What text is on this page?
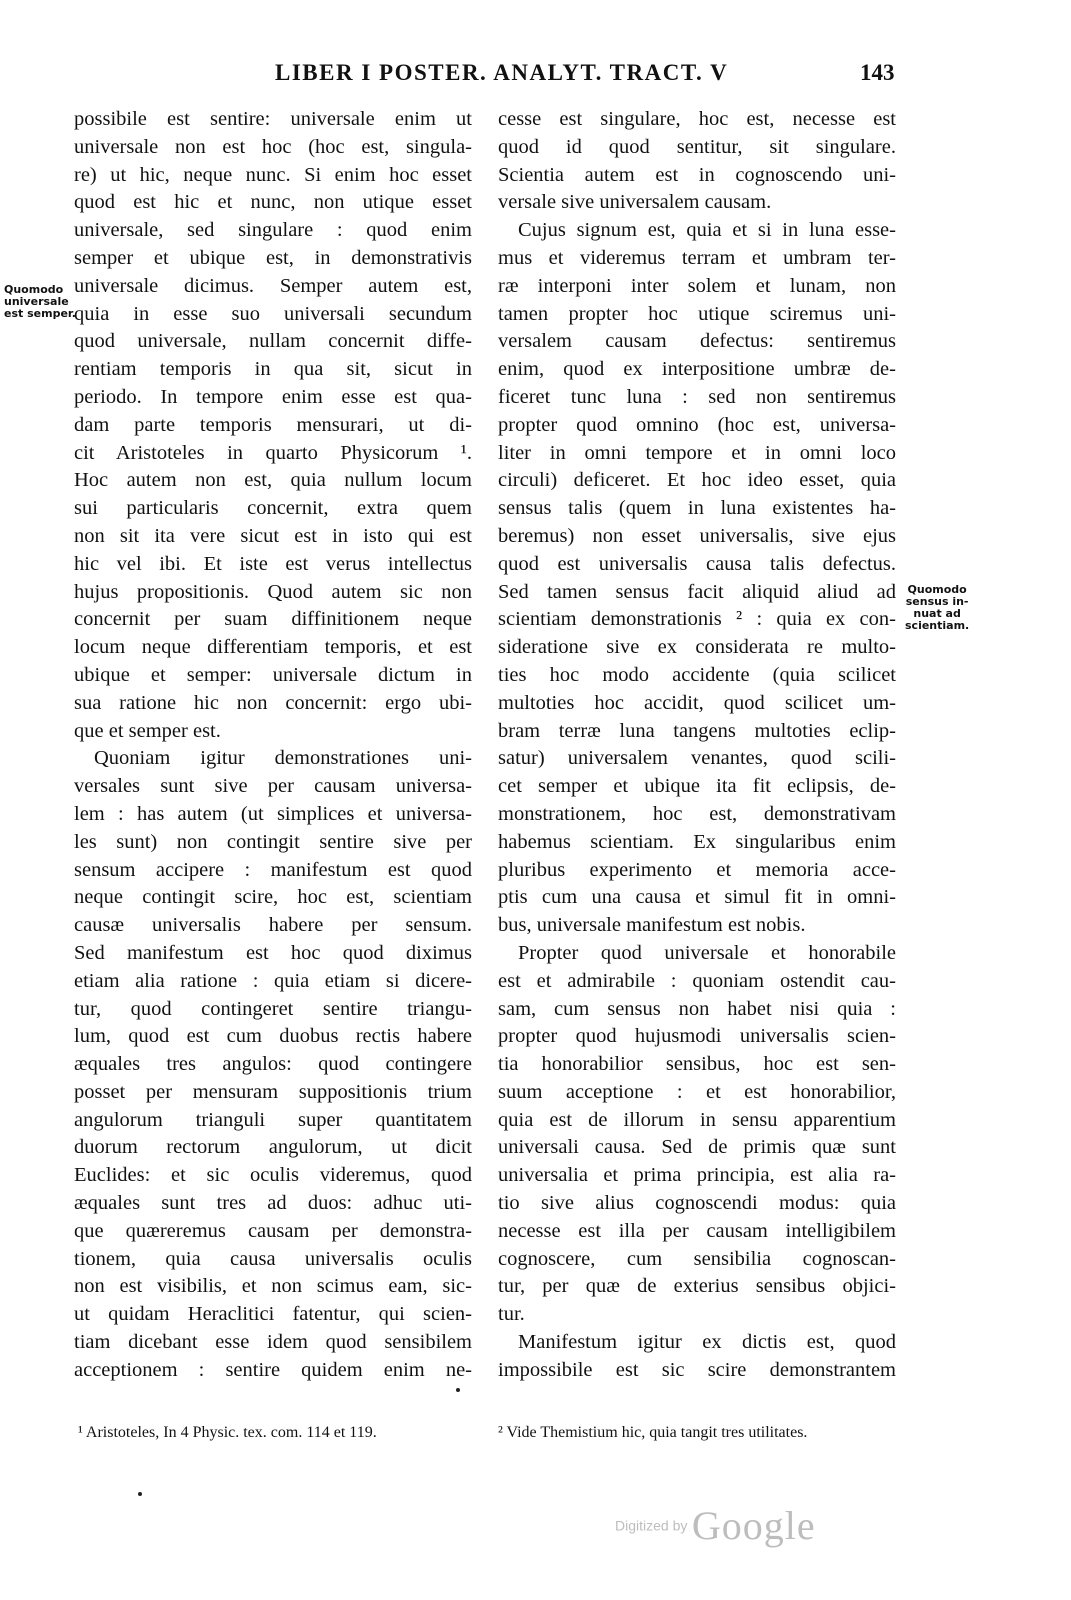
LIBER I POSTER. ANALYT. TRACT. V	143
possibile est sentire: universale enim ut
universale non est hoc (hoc est, singula-
re) ut hic, neque nunc. Si enim hoc esset
quod est hic et nunc, non utique esset
universale, sed singulare : quod enim
semper et ubique est, in demonstrativis
universale dicimus. Semper autem est,
quia in esse suo universali secundum
quod universale, nullam concernit diffe-
rentiam temporis in qua sit, sicut in
periodo. In tempore enim esse est qua-
dam parte temporis mensurari, ut di-
cit Aristoteles in quarto Physicorum ¹.
Hoc autem non est, quia nullum locum
sui particularis concernit, extra quem
non sit ita vere sicut est in isto qui est
hic vel ibi. Et iste est verus intellectus
hujus propositionis. Quod autem sic non
concernit per suam diffinitionem neque
locum neque differentiam temporis, et est
ubique et semper: universale dictum in
sua ratione hic non concernit: ergo ubi-
que et semper est.
Quoniam igitur demonstrationes uni-
versales sunt sive per causam universa-
lem : has autem (ut simplices et universa-
les sunt) non contingit sentire sive per
sensum accipere : manifestum est quod
neque contingit scire, hoc est, scientiam
causæ universalis habere per sensum.
Sed manifestum est hoc quod diximus
etiam alia ratione : quia etiam si dicere-
tur, quod contingeret sentire triangu-
lum, quod est cum duobus rectis habere
æquales tres angulos: quod contingere
posset per mensuram suppositionis trium
angulorum trianguli super quantitatem
duorum rectorum angulorum, ut dicit
Euclides: et sic oculis videremus, quod
æquales sunt tres ad duos: adhuc uti-
que quæreremus causam per demonstra-
tionem, quia causa universalis oculis
non est visibilis, et non scimus eam, sic-
ut quidam Heraclitici fatentur, qui scien-
tiam dicebant esse idem quod sensibilem
acceptionem : sentire quidem enim ne-
cesse est singulare, hoc est, necesse est
quod id quod sentitur, sit singulare.
Scientia autem est in cognoscendo uni-
versale sive universalem causam.
Cujus signum est, quia et si in luna esse-
mus et videremus terram et umbram ter-
ræ interponi inter solem et lunam, non
tamen propter hoc utique sciremus uni-
versalem causam defectus: sentiremus
enim, quod ex interpositione umbræ de-
ficeret tunc luna : sed non sentiremus
propter quod omnino (hoc est, universa-
liter in omni tempore et in omni loco
circuli) deficeret. Et hoc ideo esset, quia
sensus talis (quem in luna existentes ha-
beremus) non esset universalis, sive ejus
quod est universalis causa talis defectus.
Sed tamen sensus facit aliquid aliud ad
scientiam demonstrationis ² : quia ex con-
sideratione sive ex considerata re multo-
ties hoc modo accidente (quia scilicet
multoties hoc accidit, quod scilicet um-
bram terræ luna tangens multoties eclip-
satur) universalem venantes, quod scili-
cet semper et ubique ita fit eclipsis, de-
monstrationem, hoc est, demonstrativam
habemus scientiam. Ex singularibus enim
pluribus experimento et memoria acce-
ptis cum una causa et simul fit in omni-
bus, universale manifestum est nobis.
Propter quod universale et honorabile
est et admirabile : quoniam ostendit cau-
sam, cum sensus non habet nisi quia :
propter quod hujusmodi universalis scien-
tia honorabilior sensibus, hoc est sen-
suum acceptione : et est honorabilior,
quia est de illorum in sensu apparentium
universali causa. Sed de primis quæ sunt
universalia et prima principia, est alia ra-
tio sive alius cognoscendi modus: quia
necesse est illa per causam intelligibilem
cognoscere, cum sensibilia cognoscan-
tur, per quæ de exterius sensibus objici-
tur.
Manifestum igitur ex dictis est, quod
impossibile est sic scire demonstrantem
Quomodo
universale
est semper.
Quomodo
sensus in-
nuat ad
scientiam.
¹ Aristoteles, In 4 Physic. tex. com. 114 et 119.	² Vide Themistium hic, quia tangit tres utilitates.
Digitized by Google
